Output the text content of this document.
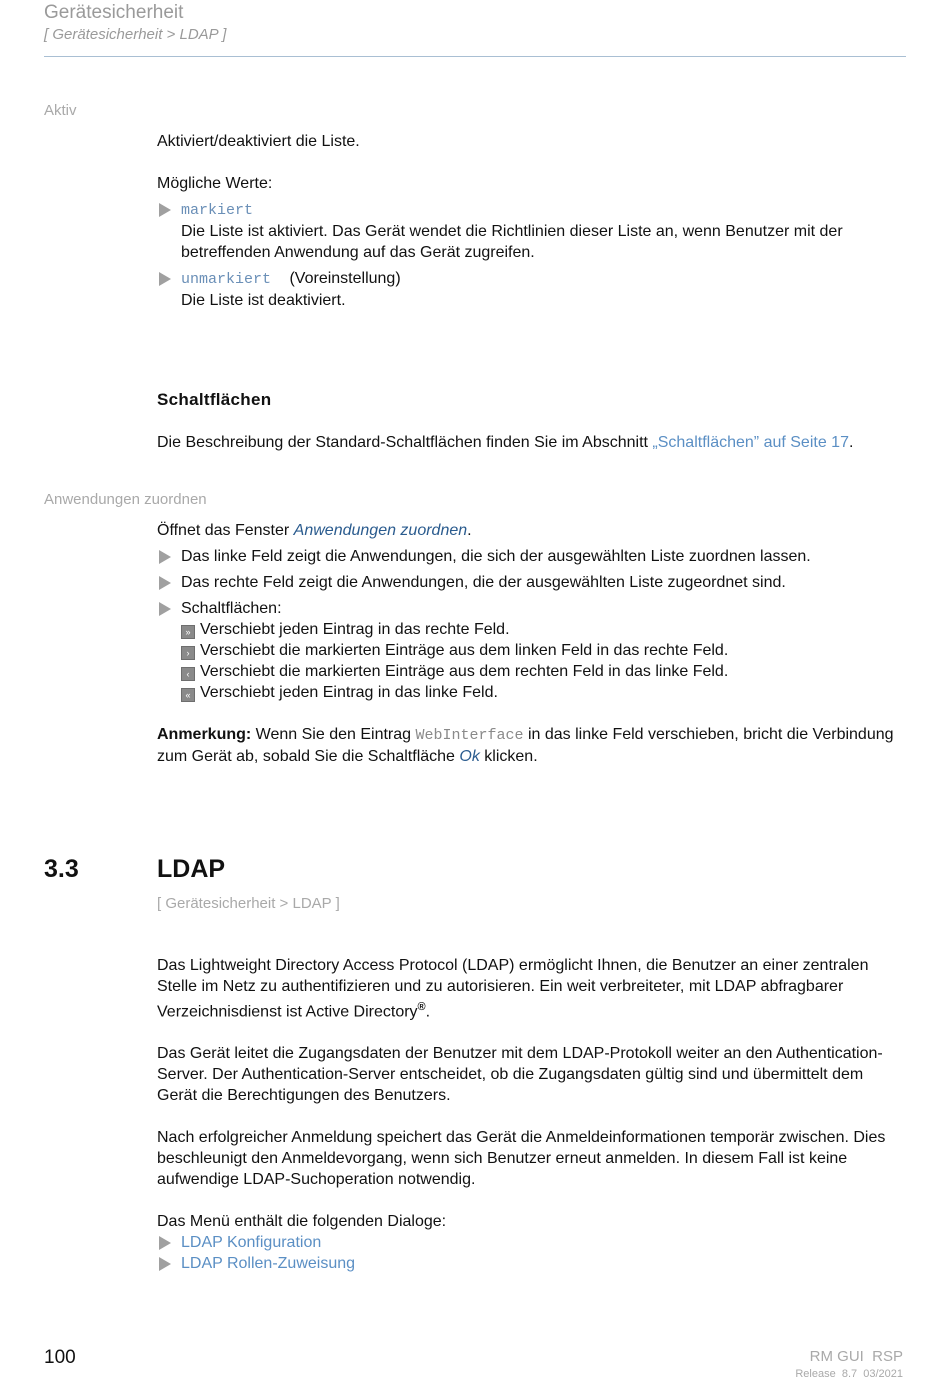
Gerätesicherheit
[ Gerätesicherheit > LDAP ]
Aktiv

Aktiviert/deaktiviert die Liste.

Mögliche Werte:

markiert
Die Liste ist aktiviert. Das Gerät wendet die Richtlinien dieser Liste an, wenn Benutzer mit der betreffenden Anwendung auf das Gerät zugreifen.
unmarkiert (Voreinstellung)
Die Liste ist deaktiviert.
Schaltflächen
Die Beschreibung der Standard-Schaltflächen finden Sie im Abschnitt „Schaltflächen” auf Seite 17.
Anwendungen zuordnen

Öffnet das Fenster Anwendungen zuordnen.

Das linke Feld zeigt die Anwendungen, die sich der ausgewählten Liste zuordnen lassen.
Das rechte Feld zeigt die Anwendungen, die der ausgewählten Liste zugeordnet sind.
Schaltflächen:
» Verschiebt jeden Eintrag in das rechte Feld.
› Verschiebt die markierten Einträge aus dem linken Feld in das rechte Feld.
‹ Verschiebt die markierten Einträge aus dem rechten Feld in das linke Feld.
« Verschiebt jeden Eintrag in das linke Feld.

Anmerkung: Wenn Sie den Eintrag WebInterface in das linke Feld verschieben, bricht die Verbindung zum Gerät ab, sobald Sie die Schaltfläche Ok klicken.

3.3	LDAP
[ Gerätesicherheit > LDAP ]

Das Lightweight Directory Access Protocol (LDAP) ermöglicht Ihnen, die Benutzer an einer zentralen Stelle im Netz zu authentifizieren und zu autorisieren. Ein weit verbreiteter, mit LDAP abfragbarer Verzeichnisdienst ist Active Directory®.

Das Gerät leitet die Zugangsdaten der Benutzer mit dem LDAP-Protokoll weiter an den Authentication-Server. Der Authentication-Server entscheidet, ob die Zugangsdaten gültig sind und übermittelt dem Gerät die Berechtigungen des Benutzers.

Nach erfolgreicher Anmeldung speichert das Gerät die Anmeldeinformationen temporär zwischen. Dies beschleunigt den Anmeldevorgang, wenn sich Benutzer erneut anmelden. In diesem Fall ist keine aufwendige LDAP-Suchoperation notwendig.

Das Menü enthält die folgenden Dialoge:

LDAP Konfiguration
LDAP Rollen-Zuweisung
100	RM GUI  RSP
Release  8.7  03/2021
